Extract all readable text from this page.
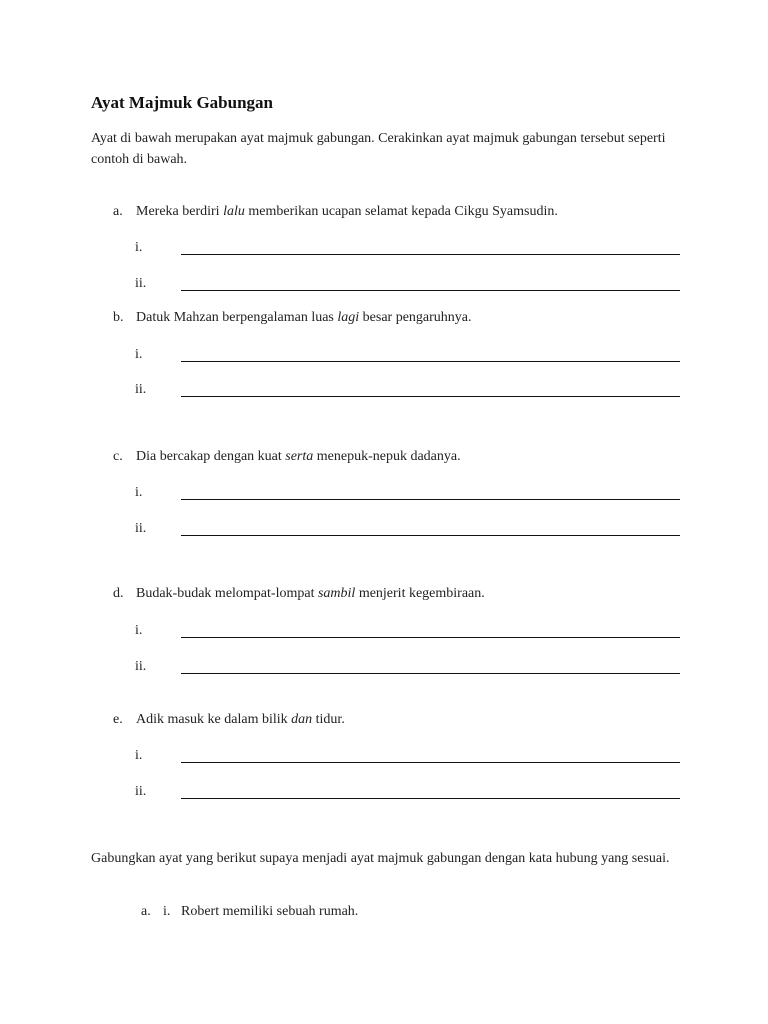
Ayat Majmuk Gabungan
Ayat di bawah merupakan ayat majmuk gabungan. Cerakinkan ayat majmuk gabungan tersebut seperti contoh di bawah.
a. Mereka berdiri lalu memberikan ucapan selamat kepada Cikgu Syamsudin.
i.
ii.
b. Datuk Mahzan berpengalaman luas lagi besar pengaruhnya.
i.
ii.
c. Dia bercakap dengan kuat serta menepuk-nepuk dadanya.
i.
ii.
d. Budak-budak melompat-lompat sambil menjerit kegembiraan.
i.
ii.
e. Adik masuk ke dalam bilik dan tidur.
i.
ii.
Gabungkan ayat yang berikut supaya menjadi ayat majmuk gabungan dengan kata hubung yang sesuai.
a. i. Robert memiliki sebuah rumah.
